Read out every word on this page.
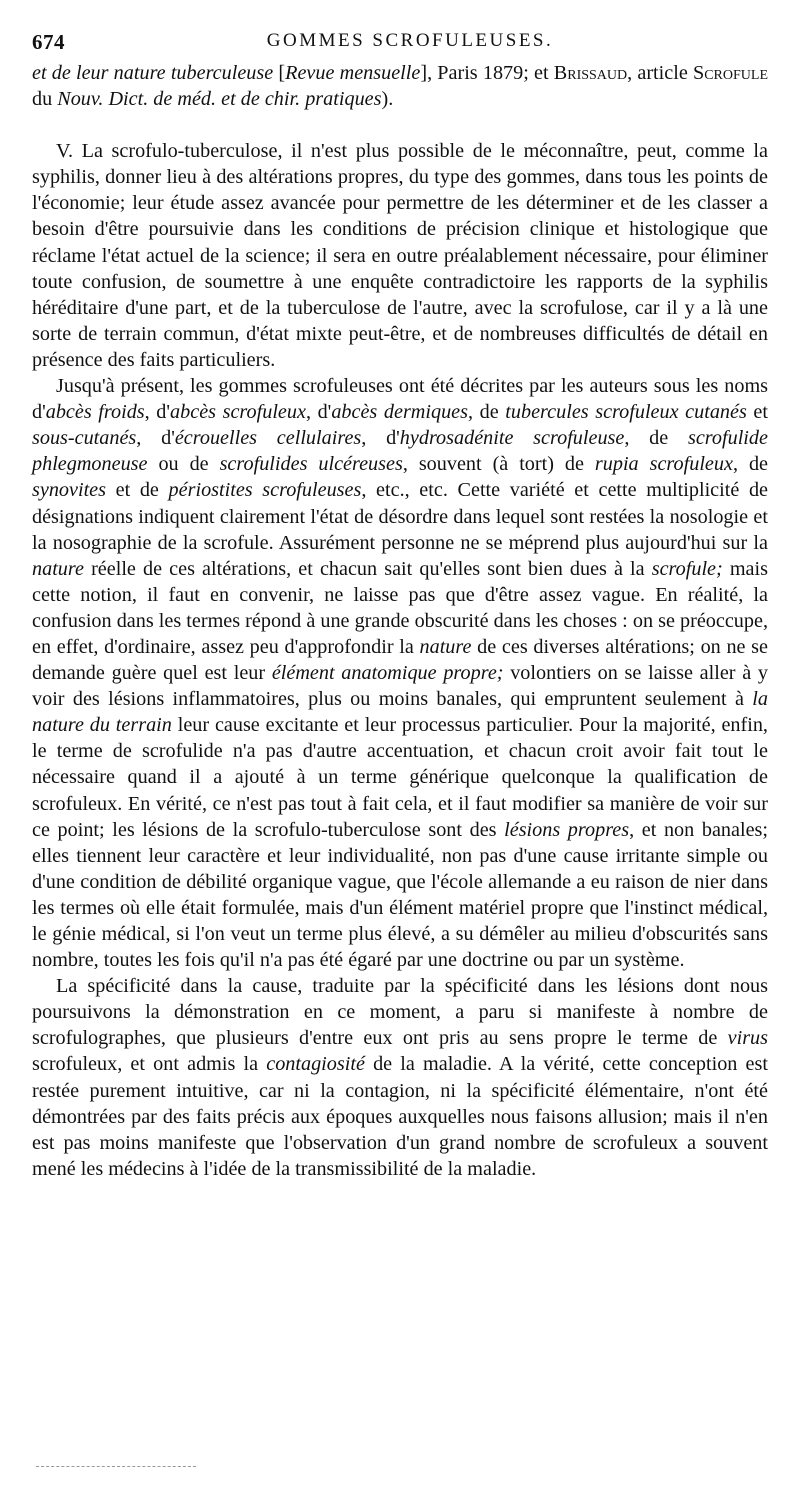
674	GOMMES SCROFULEUSES.

et de leur nature tuberculeuse [Revue mensuelle], Paris 1879; et Brissaud, article Scrofule du Nouv. Dict. de méd. et de chir. pratiques).

V. La scrofulo-tuberculose, il n'est plus possible de le méconnaître, peut, comme la syphilis, donner lieu à des altérations propres, du type des gommes, dans tous les points de l'économie; leur étude assez avancée pour permettre de les déterminer et de les classer a besoin d'être poursuivie dans les conditions de précision clinique et histologique que réclame l'état actuel de la science; il sera en outre préalablement nécessaire, pour éliminer toute confusion, de soumettre à une enquête contradictoire les rapports de la syphilis héréditaire d'une part, et de la tuberculose de l'autre, avec la scrofulose, car il y a là une sorte de terrain commun, d'état mixte peut-être, et de nombreuses difficultés de détail en présence des faits particuliers.

Jusqu'à présent, les gommes scrofuleuses ont été décrites par les auteurs sous les noms d'abcès froids, d'abcès scrofuleux, d'abcès dermiques, de tubercules scrofuleux cutanés et sous-cutanés, d'écrouelles cellulaires, d'hydrosadénite scrofuleuse, de scrofulide phlegmoneuse ou de scrofulides ulcéreuses, souvent (à tort) de rupia scrofuleux, de synovites et de périostites scrofuleuses, etc., etc. Cette variété et cette multiplicité de désignations indiquent clairement l'état de désordre dans lequel sont restées la nosologie et la nosographie de la scrofule. Assurément personne ne se méprend plus aujourd'hui sur la nature réelle de ces altérations, et chacun sait qu'elles sont bien dues à la scrofule; mais cette notion, il faut en convenir, ne laisse pas que d'être assez vague. En réalité, la confusion dans les termes répond à une grande obscurité dans les choses : on se préoccupe, en effet, d'ordinaire, assez peu d'approfondir la nature de ces diverses altérations; on ne se demande guère quel est leur élément anatomique propre; volontiers on se laisse aller à y voir des lésions inflammatoires, plus ou moins banales, qui empruntent seulement à la nature du terrain leur cause excitante et leur processus particulier. Pour la majorité, enfin, le terme de scrofulide n'a pas d'autre accentuation, et chacun croit avoir fait tout le nécessaire quand il a ajouté à un terme générique quelconque la qualification de scrofuleux. En vérité, ce n'est pas tout à fait cela, et il faut modifier sa manière de voir sur ce point; les lésions de la scrofulo-tuberculose sont des lésions propres, et non banales; elles tiennent leur caractère et leur individualité, non pas d'une cause irritante simple ou d'une condition de débilité organique vague, que l'école allemande a eu raison de nier dans les termes où elle était formulée, mais d'un élément matériel propre que l'instinct médical, le génie médical, si l'on veut un terme plus élevé, a su démêler au milieu d'obscurités sans nombre, toutes les fois qu'il n'a pas été égaré par une doctrine ou par un système.

La spécificité dans la cause, traduite par la spécificité dans les lésions dont nous poursuivons la démonstration en ce moment, a paru si manifeste à nombre de scrofulographes, que plusieurs d'entre eux ont pris au sens propre le terme de virus scrofuleux, et ont admis la contagiosité de la maladie. A la vérité, cette conception est restée purement intuitive, car ni la contagion, ni la spécificité élémentaire, n'ont été démontrées par des faits précis aux époques auxquelles nous faisons allusion; mais il n'en est pas moins manifeste que l'observation d'un grand nombre de scrofuleux a souvent mené les médecins à l'idée de la transmissibilité de la maladie.
